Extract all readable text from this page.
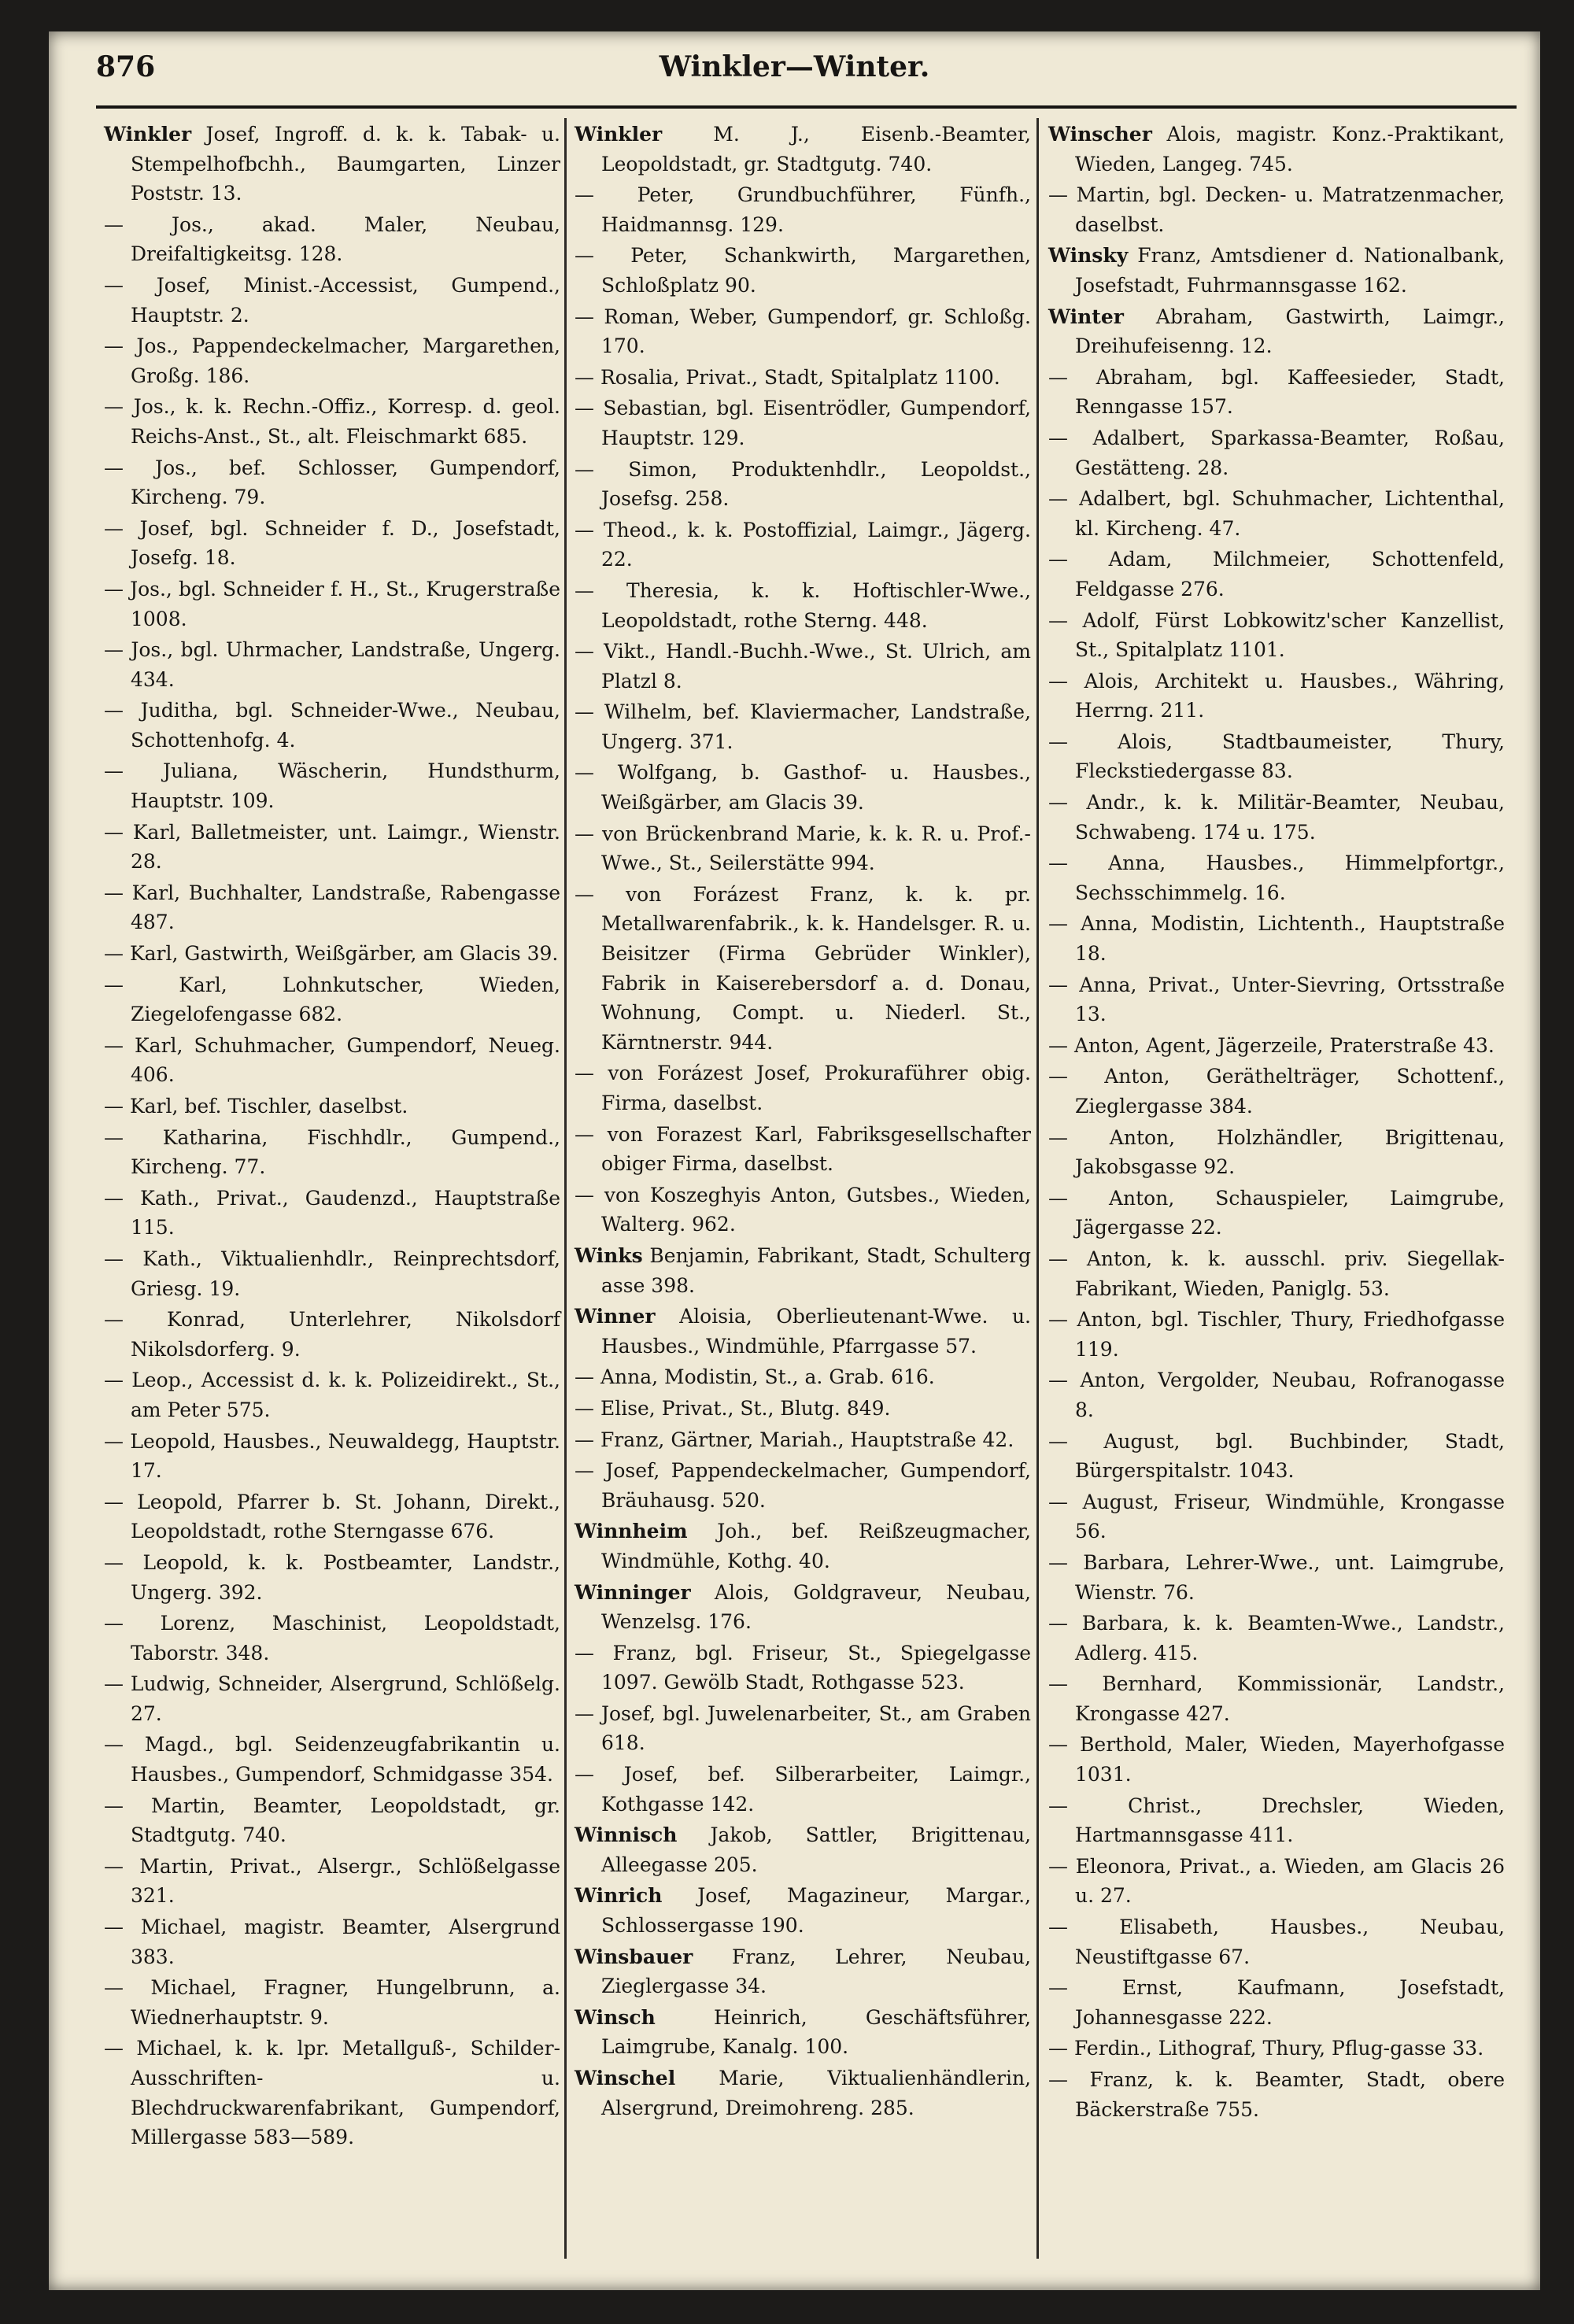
876	Winkler—Winter.

Winkler Josef, Ingroff. d. k. k. Tabak- u. Stempelhofbchh., Baumgarten, Linzer Poststr. 13.

— Jos., akad. Maler, Neubau, Dreifaltigkeitsg. 128.

— Josef, Minist.-Accessist, Gumpend., Hauptstr. 2.

— Jos., Pappendeckelmacher, Margarethen, Großg. 186.

— Jos., k. k. Rechn.-Offiz., Korresp. d. geol. Reichs-Anst., St., alt. Fleischmarkt 685.

— Jos., bef. Schlosser, Gumpendorf, Kircheng. 79.

— Josef, bgl. Schneider f. D., Josefstadt, Josefg. 18.

— Jos., bgl. Schneider f. H., St., Krugerstraße 1008.

— Jos., bgl. Uhrmacher, Landstraße, Ungerg. 434.

— Juditha, bgl. Schneider-Wwe., Neubau, Schottenhofg. 4.

— Juliana, Wäscherin, Hundsthurm, Hauptstr. 109.

— Karl, Balletmeister, unt. Laimgr., Wienstr. 28.

— Karl, Buchhalter, Landstraße, Rabengasse 487.

— Karl, Gastwirth, Weißgärber, am Glacis 39.

— Karl, Lohnkutscher, Wieden, Ziegelofengasse 682.

— Karl, Schuhmacher, Gumpendorf, Neueg. 406.

— Karl, bef. Tischler, daselbst.

— Katharina, Fischhdlr., Gumpend., Kircheng. 77.

— Kath., Privat., Gaudenzd., Hauptstraße 115.

— Kath., Viktualienhdlr., Reinprechtsdorf, Griesg. 19.

— Konrad, Unterlehrer, Nikolsdorf Nikolsdorferg. 9.

— Leop., Accessist d. k. k. Polizeidirekt., St., am Peter 575.

— Leopold, Hausbes., Neuwaldegg, Hauptstr. 17.

— Leopold, Pfarrer b. St. Johann, Direkt., Leopoldstadt, rothe Sterngasse 676.

— Leopold, k. k. Postbeamter, Landstr., Ungerg. 392.

— Lorenz, Maschinist, Leopoldstadt, Taborstr. 348.

— Ludwig, Schneider, Alsergrund, Schlößelg. 27.

— Magd., bgl. Seidenzeugfabrikantin u. Hausbes., Gumpendorf, Schmidgasse 354.

— Martin, Beamter, Leopoldstadt, gr. Stadtgutg. 740.

— Martin, Privat., Alsergr., Schlößelgasse 321.

— Michael, magistr. Beamter, Alsergrund 383.

— Michael, Fragner, Hungelbrunn, a. Wiednerhauptstr. 9.

— Michael, k. k. lpr. Metallguß-, Schilder-Ausschriften- u. Blechdruckwarenfabrikant, Gumpendorf, Millergasse 583—589.

Winkler M. J., Eisenb.-Beamter, Leopoldstadt, gr. Stadtgutg. 740.

— Peter, Grundbuchführer, Fünfh., Haidmannsg. 129.

— Peter, Schankwirth, Margarethen, Schloßplatz 90.

— Roman, Weber, Gumpendorf, gr. Schloßg. 170.

— Rosalia, Privat., Stadt, Spitalplatz 1100.

— Sebastian, bgl. Eisentrödler, Gumpendorf, Hauptstr. 129.

— Simon, Produktenhdlr., Leopoldst., Josefsg. 258.

— Theod., k. k. Postoffizial, Laimgr., Jägerg. 22.

— Theresia, k. k. Hoftischler-Wwe., Leopoldstadt, rothe Sterng. 448.

— Vikt., Handl.-Buchh.-Wwe., St. Ulrich, am Platzl 8.

— Wilhelm, bef. Klaviermacher, Landstraße, Ungerg. 371.

— Wolfgang, b. Gasthof- u. Hausbes., Weißgärber, am Glacis 39.

— von Brückenbrand Marie, k. k. R. u. Prof.-Wwe., St., Seilerstätte 994.

— von Forázest Franz, k. k. pr. Metallwarenfabrik., k. k. Handelsger. R. u. Beisitzer (Firma Gebrüder Winkler), Fabrik in Kaiserebersdorf a. d. Donau, Wohnung, Compt. u. Niederl. St., Kärntnerstr. 944.

— von Forázest Josef, Prokuraführer obig. Firma, daselbst.

— von Forazest Karl, Fabriksgesellschafter obiger Firma, daselbst.

— von Koszeghyis Anton, Gutsbes., Wieden, Walterg. 962.

Winks Benjamin, Fabrikant, Stadt, Schulterg asse 398.

Winner Aloisia, Oberlieutenant-Wwe. u. Hausbes., Windmühle, Pfarrgasse 57.

— Anna, Modistin, St., a. Grab. 616.

— Elise, Privat., St., Blutg. 849.

— Franz, Gärtner, Mariah., Hauptstraße 42.

— Josef, Pappendeckelmacher, Gumpendorf, Bräuhausg. 520.

Winnheim Joh., bef. Reißzeugmacher, Windmühle, Kothg. 40.

Winninger Alois, Goldgraveur, Neubau, Wenzelsg. 176.

— Franz, bgl. Friseur, St., Spiegelgasse 1097. Gewölb Stadt, Rothgasse 523.

— Josef, bgl. Juwelenarbeiter, St., am Graben 618.

— Josef, bef. Silberarbeiter, Laimgr., Kothgasse 142.

Winnisch Jakob, Sattler, Brigittenau, Alleegasse 205.

Winrich Josef, Magazineur, Margar., Schlossergasse 190.

Winsbauer Franz, Lehrer, Neubau, Zieglergasse 34.

Winsch Heinrich, Geschäftsführer, Laimgrube, Kanalg. 100.

Winschel Marie, Viktualienhändlerin, Alsergrund, Dreimohreng. 285.

Winscher Alois, magistr. Konz.-Praktikant, Wieden, Langeg. 745.

— Martin, bgl. Decken- u. Matratzenmacher, daselbst.

Winsky Franz, Amtsdiener d. Nationalbank, Josefstadt, Fuhrmannsgasse 162.

Winter Abraham, Gastwirth, Laimgr., Dreihufeisenng. 12.

— Abraham, bgl. Kaffeesieder, Stadt, Renngasse 157.

— Adalbert, Sparkassa-Beamter, Roßau, Gestätteng. 28.

— Adalbert, bgl. Schuhmacher, Lichtenthal, kl. Kircheng. 47.

— Adam, Milchmeier, Schottenfeld, Feldgasse 276.

— Adolf, Fürst Lobkowitz'scher Kanzellist, St., Spitalplatz 1101.

— Alois, Architekt u. Hausbes., Währing, Herrng. 211.

— Alois, Stadtbaumeister, Thury, Fleckstiedergasse 83.

— Andr., k. k. Militär-Beamter, Neubau, Schwabeng. 174 u. 175.

— Anna, Hausbes., Himmelpfortgr., Sechsschimmelg. 16.

— Anna, Modistin, Lichtenth., Hauptstraße 18.

— Anna, Privat., Unter-Sievring, Ortsstraße 13.

— Anton, Agent, Jägerzeile, Praterstraße 43.

— Anton, Geräthelträger, Schottenf., Zieglergasse 384.

— Anton, Holzhändler, Brigittenau, Jakobsgasse 92.

— Anton, Schauspieler, Laimgrube, Jägergasse 22.

— Anton, k. k. ausschl. priv. Siegellak-Fabrikant, Wieden, Paniglg. 53.

— Anton, bgl. Tischler, Thury, Friedhofgasse 119.

— Anton, Vergolder, Neubau, Rofranogasse 8.

— August, bgl. Buchbinder, Stadt, Bürgerspitalstr. 1043.

— August, Friseur, Windmühle, Krongasse 56.

— Barbara, Lehrer-Wwe., unt. Laimgrube, Wienstr. 76.

— Barbara, k. k. Beamten-Wwe., Landstr., Adlerg. 415.

— Bernhard, Kommissionär, Landstr., Krongasse 427.

— Berthold, Maler, Wieden, Mayerhofgasse 1031.

— Christ., Drechsler, Wieden, Hartmannsgasse 411.

— Eleonora, Privat., a. Wieden, am Glacis 26 u. 27.

— Elisabeth, Hausbes., Neubau, Neustiftgasse 67.

— Ernst, Kaufmann, Josefstadt, Johannesgasse 222.

— Ferdin., Lithograf, Thury, Pflug-gasse 33.

— Franz, k. k. Beamter, Stadt, obere Bäckerstraße 755.
